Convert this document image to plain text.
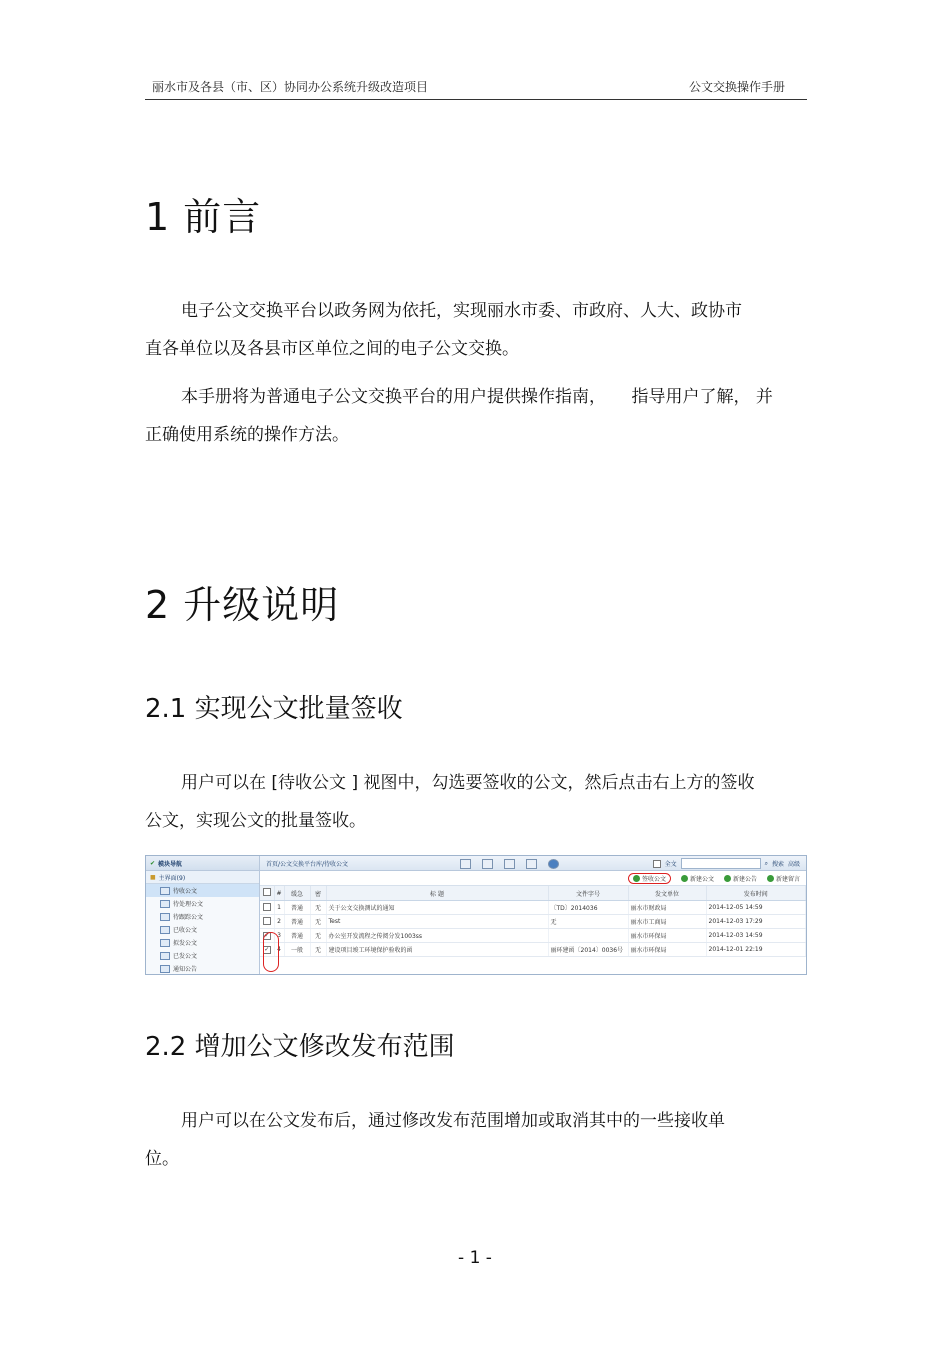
丽水市及各县（市、区）协同办公系统升级改造项目	公文交换操作手册
1 前言
电子公文交换平台以政务网为依托，实现丽水市委、市政府、人大、政协市
直各单位以及各县市区单位之间的电子公文交换。
本手册将为普通电子公文交换平台的用户提供操作指南，　　指导用户了解， 并
正确使用系统的操作方法。
2 升级说明
2.1 实现公文批量签收
用户可以在 [待收公文 ] 视图中，勾选要签收的公文，然后点击右上方的签收
公文，实现公文的批量签收。
✔ 模块导航
■ 主界面(9)
待收公文
待处理公文
待跟踪公文
已收公文
拟发公文
已发公文
通知公告
首页/公文交换平台库/待收公文	全文	⌕ 搜索 高级
签收公文	新建公文	新建公告	新建留言
	#	缓急	密	标 题	文件字号	发文单位	发布时间
	1	普通	无	关于公文交换测试的通知	〔TD〕2014036	丽水市财政局	2014-12-05 14:59
	2	普通	无	Test	无	丽水市工商局	2014-12-03 17:29
✓	3	普通	无	办公室开发流程之传阅分发1003ss		丽水市环保局	2014-12-03 14:59
✓	4	一般	无	建设项目竣工环境保护验收的函	丽环建函〔2014〕0036号	丽水市环保局	2014-12-01 22:19
2.2 增加公文修改发布范围
用户可以在公文发布后，通过修改发布范围增加或取消其中的一些接收单
位。
- 1 -
